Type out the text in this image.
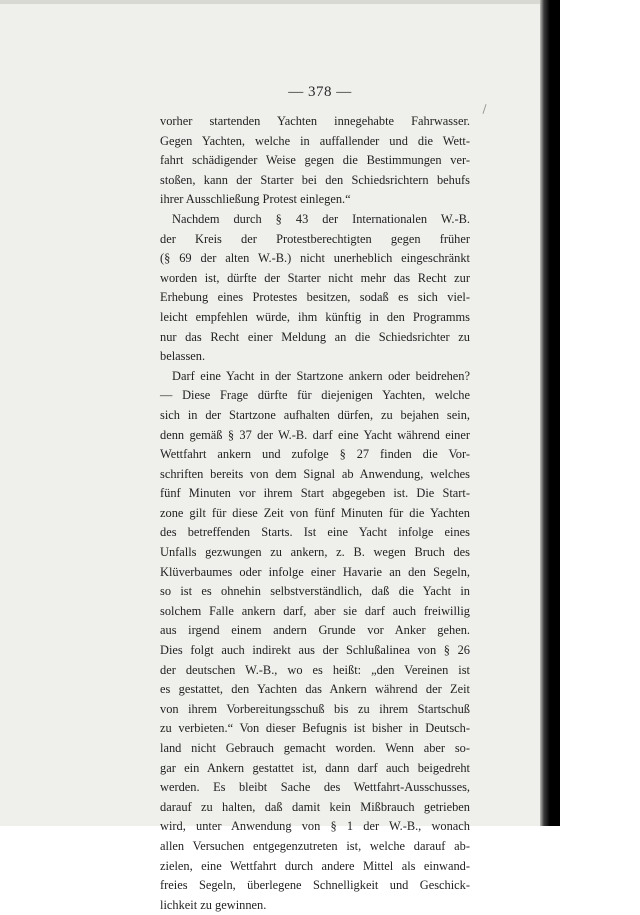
— 378 —

vorher startenden Yachten innegehabte Fahrwasser.
Gegen Yachten, welche in auffallender und die Wett-
fahrt schädigender Weise gegen die Bestimmungen ver-
stoßen, kann der Starter bei den Schiedsrichtern behufs
ihrer Ausschließung Protest einlegen.“

Nachdem durch § 43 der Internationalen W.-B.
der Kreis der Protestberechtigten gegen früher
(§ 69 der alten W.-B.) nicht unerheblich eingeschränkt
worden ist, dürfte der Starter nicht mehr das Recht zur
Erhebung eines Protestes besitzen, sodaß es sich viel-
leicht empfehlen würde, ihm künftig in den Programms
nur das Recht einer Meldung an die Schiedsrichter zu
belassen.

Darf eine Yacht in der Startzone ankern oder beidrehen?
— Diese Frage dürfte für diejenigen Yachten, welche
sich in der Startzone aufhalten dürfen, zu bejahen sein,
denn gemäß § 37 der W.-B. darf eine Yacht während einer
Wettfahrt ankern und zufolge § 27 finden die Vor-
schriften bereits von dem Signal ab Anwendung, welches
fünf Minuten vor ihrem Start abgegeben ist. Die Start-
zone gilt für diese Zeit von fünf Minuten für die Yachten
des betreffenden Starts. Ist eine Yacht infolge eines
Unfalls gezwungen zu ankern, z. B. wegen Bruch des
Klüverbaumes oder infolge einer Havarie an den Segeln,
so ist es ohnehin selbstverständlich, daß die Yacht in
solchem Falle ankern darf, aber sie darf auch freiwillig
aus irgend einem andern Grunde vor Anker gehen.
Dies folgt auch indirekt aus der Schlußalinea von § 26
der deutschen W.-B., wo es heißt: „den Vereinen ist
es gestattet, den Yachten das Ankern während der Zeit
von ihrem Vorbereitungsschuß bis zu ihrem Startschuß
zu verbieten.“ Von dieser Befugnis ist bisher in Deutsch-
land nicht Gebrauch gemacht worden. Wenn aber so-
gar ein Ankern gestattet ist, dann darf auch beigedreht
werden. Es bleibt Sache des Wettfahrt-Ausschusses,
darauf zu halten, daß damit kein Mißbrauch getrieben
wird, unter Anwendung von § 1 der W.-B., wonach
allen Versuchen entgegenzutreten ist, welche darauf ab-
zielen, eine Wettfahrt durch andere Mittel als einwand-
freies Segeln, überlegene Schnelligkeit und Geschick-
lichkeit zu gewinnen.
